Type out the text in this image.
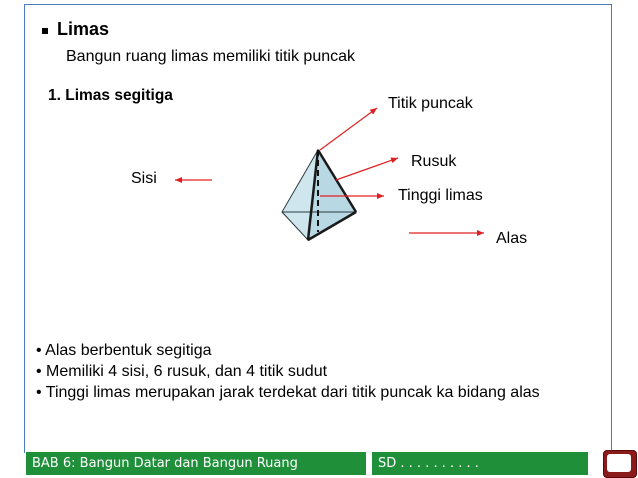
Limas
Bangun ruang limas memiliki titik puncak
1. Limas segitiga	Titik puncak
Rusuk
Tinggi limas
Sisi
Alas
• Alas berbentuk segitiga
• Memiliki 4 sisi, 6 rusuk, dan 4 titik sudut
• Tinggi limas merupakan jarak terdekat dari titik puncak ka bidang alas
BAB 6: Bangun Datar dan Bangun Ruang	SD . . . . . . . . . .
